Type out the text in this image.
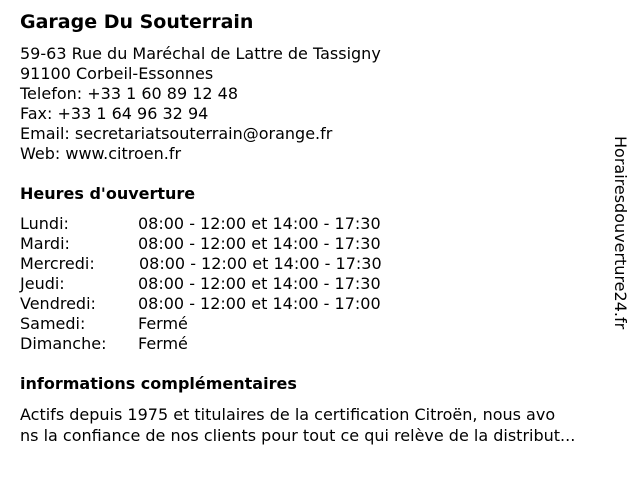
Garage Du Souterrain
59-63 Rue du Maréchal de Lattre de Tassigny
91100 Corbeil-Essonnes
Telefon: +33 1 60 89 12 48
Fax: +33 1 64 96 32 94
Email: secretariatsouterrain@orange.fr
Web: www.citroen.fr
Heures d'ouverture
Lundi:	08:00 - 12:00 et 14:00 - 17:30
Mardi:	08:00 - 12:00 et 14:00 - 17:30
Mercredi:	08:00 - 12:00 et 14:00 - 17:30
Jeudi:	08:00 - 12:00 et 14:00 - 17:30
Vendredi:	08:00 - 12:00 et 14:00 - 17:00
Samedi:	Fermé
Dimanche: Fermé
informations complémentaires
Actifs depuis 1975 et titulaires de la certification Citroën, nous avo
ns la confiance de nos clients pour tout ce qui relève de la distribut...
Horairesdouverture24.fr
